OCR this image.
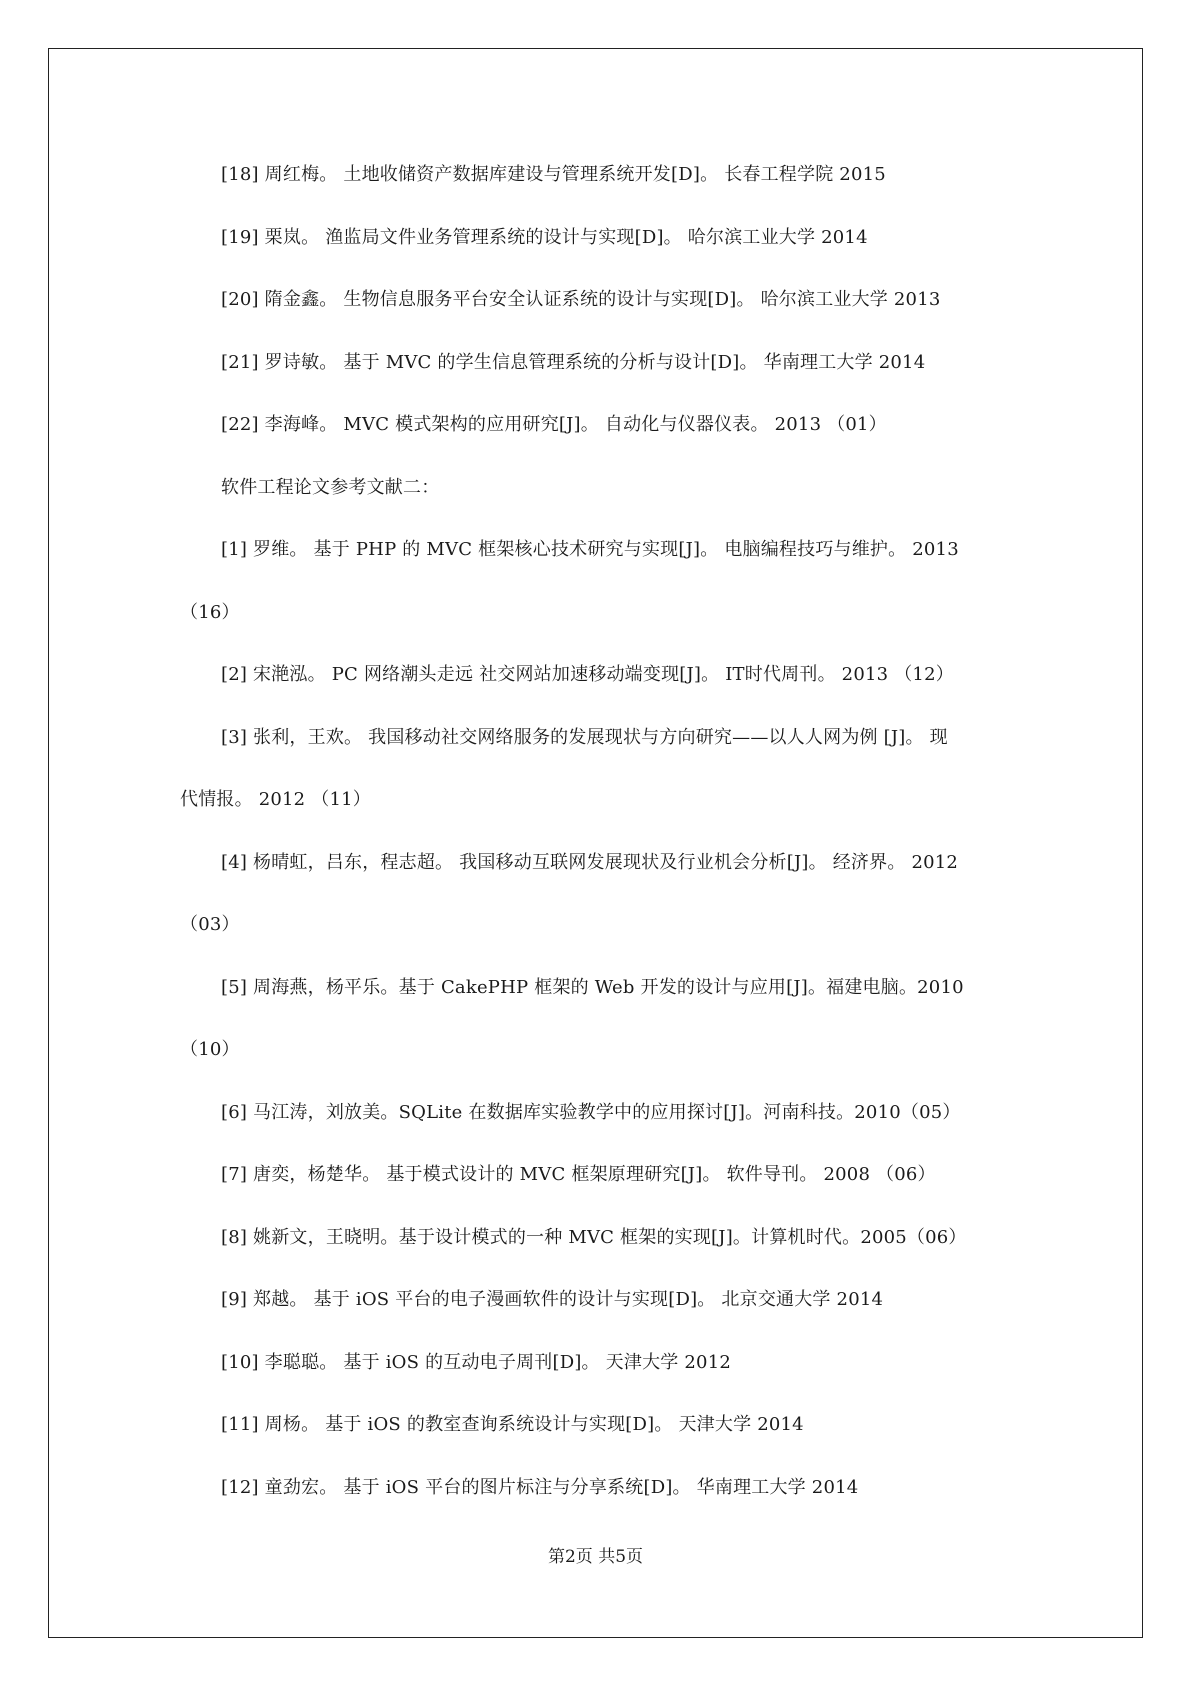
[18] 周红梅。 土地收储资产数据库建设与管理系统开发[D]。 长春工程学院 2015
[19] 栗岚。 渔监局文件业务管理系统的设计与实现[D]。 哈尔滨工业大学 2014
[20] 隋金鑫。 生物信息服务平台安全认证系统的设计与实现[D]。 哈尔滨工业大学 2013
[21] 罗诗敏。 基于 MVC 的学生信息管理系统的分析与设计[D]。 华南理工大学 2014
[22] 李海峰。 MVC 模式架构的应用研究[J]。 自动化与仪器仪表。 2013 （01）
软件工程论文参考文献二：
[1] 罗维。 基于 PHP 的 MVC 框架核心技术研究与实现[J]。 电脑编程技巧与维护。 2013
（16）
[2] 宋滟泓。 PC 网络潮头走远 社交网站加速移动端变现[J]。 IT时代周刊。 2013 （12）
[3] 张利，王欢。 我国移动社交网络服务的发展现状与方向研究——以人人网为例 [J]。 现
代情报。 2012 （11）
[4] 杨晴虹，吕东，程志超。 我国移动互联网发展现状及行业机会分析[J]。 经济界。 2012
（03）
[5] 周海燕，杨平乐。基于 CakePHP 框架的 Web 开发的设计与应用[J]。福建电脑。2010
（10）
[6] 马江涛，刘放美。SQLite 在数据库实验教学中的应用探讨[J]。河南科技。2010（05）
[7] 唐奕，杨楚华。 基于模式设计的 MVC 框架原理研究[J]。 软件导刊。 2008 （06）
[8] 姚新文，王晓明。基于设计模式的一种 MVC 框架的实现[J]。计算机时代。2005（06）
[9] 郑越。 基于 iOS 平台的电子漫画软件的设计与实现[D]。 北京交通大学 2014
[10] 李聪聪。 基于 iOS 的互动电子周刊[D]。 天津大学 2012
[11] 周杨。 基于 iOS 的教室查询系统设计与实现[D]。 天津大学 2014
[12] 童劲宏。 基于 iOS 平台的图片标注与分享系统[D]。 华南理工大学 2014
第2页 共5页
